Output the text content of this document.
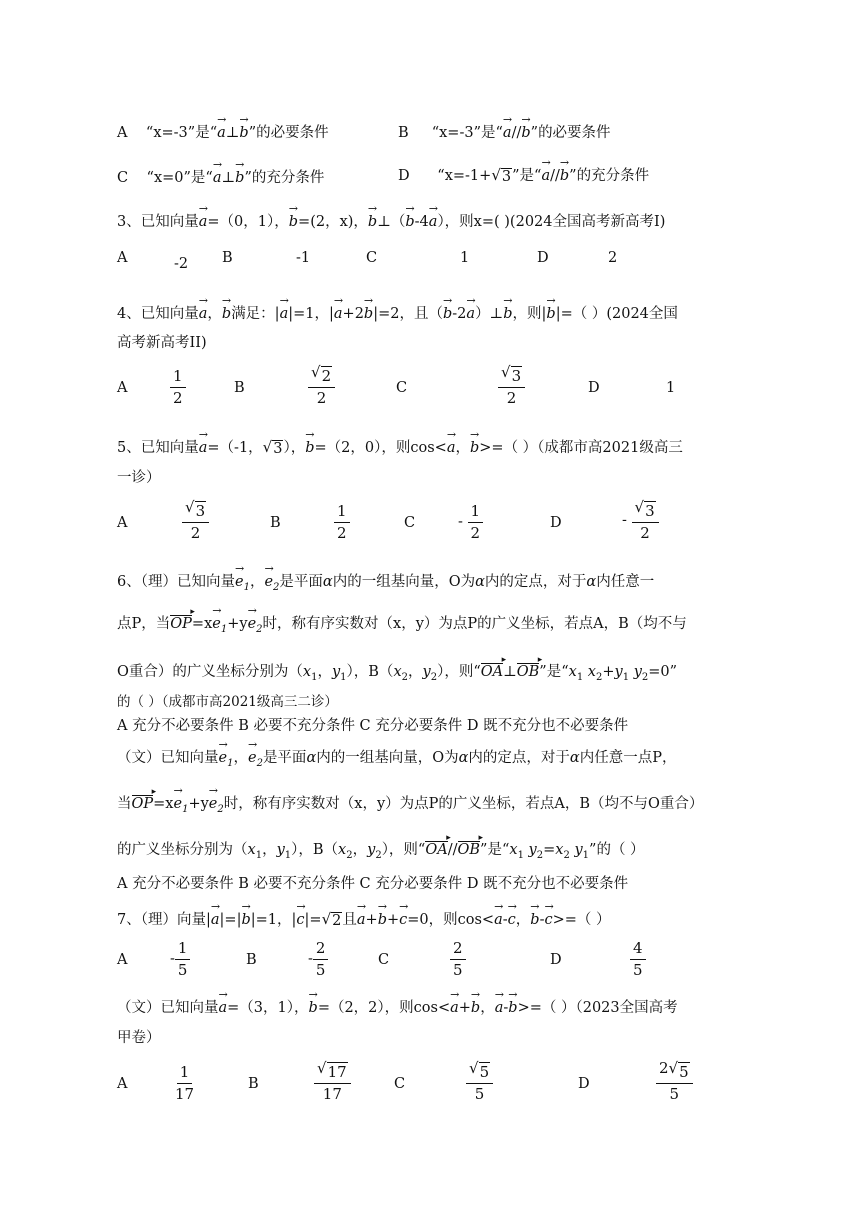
A “x=-3”是“→ a⊥→ b”的必要条件	B “x=-3”是“→ a//→ b”的必要条件
C “x=0”是“→ a⊥→ b”的充分条件	D “x=-1+ √ 3 ”是“→ a//→ b”的充分条件
3、已知向量→ a=（0，1），→ b=(2，x)，→ b⊥（→ b-4→ a），则x=( )(2024全国高考新高考I)
A	-2 B	-1	C	1	D	2
4、已知向量→ a，→ b满足：|→ a|=1，|→ a+2→ b|=2，且（→ b-2→ a）⊥→ b，则|→ b|=（ ）(2024全国
高考新高考II)
A	$\frac{1}{2}$	B	$\frac{√ 2}{2}$	C	$\frac{√ 3}{2}$	D	1
5、已知向量→ a=（-1， √ 3 ），→ b=（2，0），则cos<→ a，→ b>=（ ）（成都市高2021级高三
一诊）
A	$\frac{√ 3}{2}$	B	$\frac{1}{2}$	C	- $\frac{1}{2}$	D	- $\frac{√ 3}{2}$
6、（理）已知向量→ $e_1$，→ $e_2$是平面α内的一组基向量，O为α内的定点，对于α内任意一
点P，当OP ▸=x→ $e_1+y\to e_2$时，称有序实数对（x，y）为点P的广义坐标，若点A，B（均不与
O重合）的广义坐标分别为（$x_1$，$y_1$），$B(x_2$，$y_2$），则“OA ▸⊥OB ▸”是“$x_1$ $x_2+y_1$ $y_2=0$”
的（ ）（成都市高2021级高三二诊）
A 充分不必要条件 B 必要不充分条件 C 充分必要条件 D 既不充分也不必要条件
（文）已知向量→ $e_1$，→ $e_2$是平面α内的一组基向量，O为α内的定点，对于α内任意一点P，
当OP ▸=x→ $e_1+y\to e_2$时，称有序实数对（x，y）为点P的广义坐标，若点A，B（均不与O重合）
的广义坐标分别为（$x_1$，$y_1$），$B(x_2$，$y_2$），则“OA ▸//OB ▸”是“$x_1$ $y_2=x_2$ $y_1$”的（ ）
A 充分不必要条件 B 必要不充分条件 C 充分必要条件 D 既不充分也不必要条件
7、（理）向量|→ a|=|→ b|=1，|→ c|= √ 2 且→ a+→ b+→ c=0，则cos<→ a-→ c，→ b-→ c>=（ ）
A	- $\frac{1}{5}$	B	- $\frac{2}{5}$	C	$\frac{2}{5}$	D	$\frac{4}{5}$
（文）已知向量→ a=（3，1），→ b=（2，2），则cos<→ a+→ b，→ a-→ b>=（ ）（2023全国高考
甲卷）
A	$\frac{1}{17}$	B	$\frac{√ 17}{17}$	C	$\frac{√ 5}{5}$	D	$\frac{2 √ 5}{5}$
